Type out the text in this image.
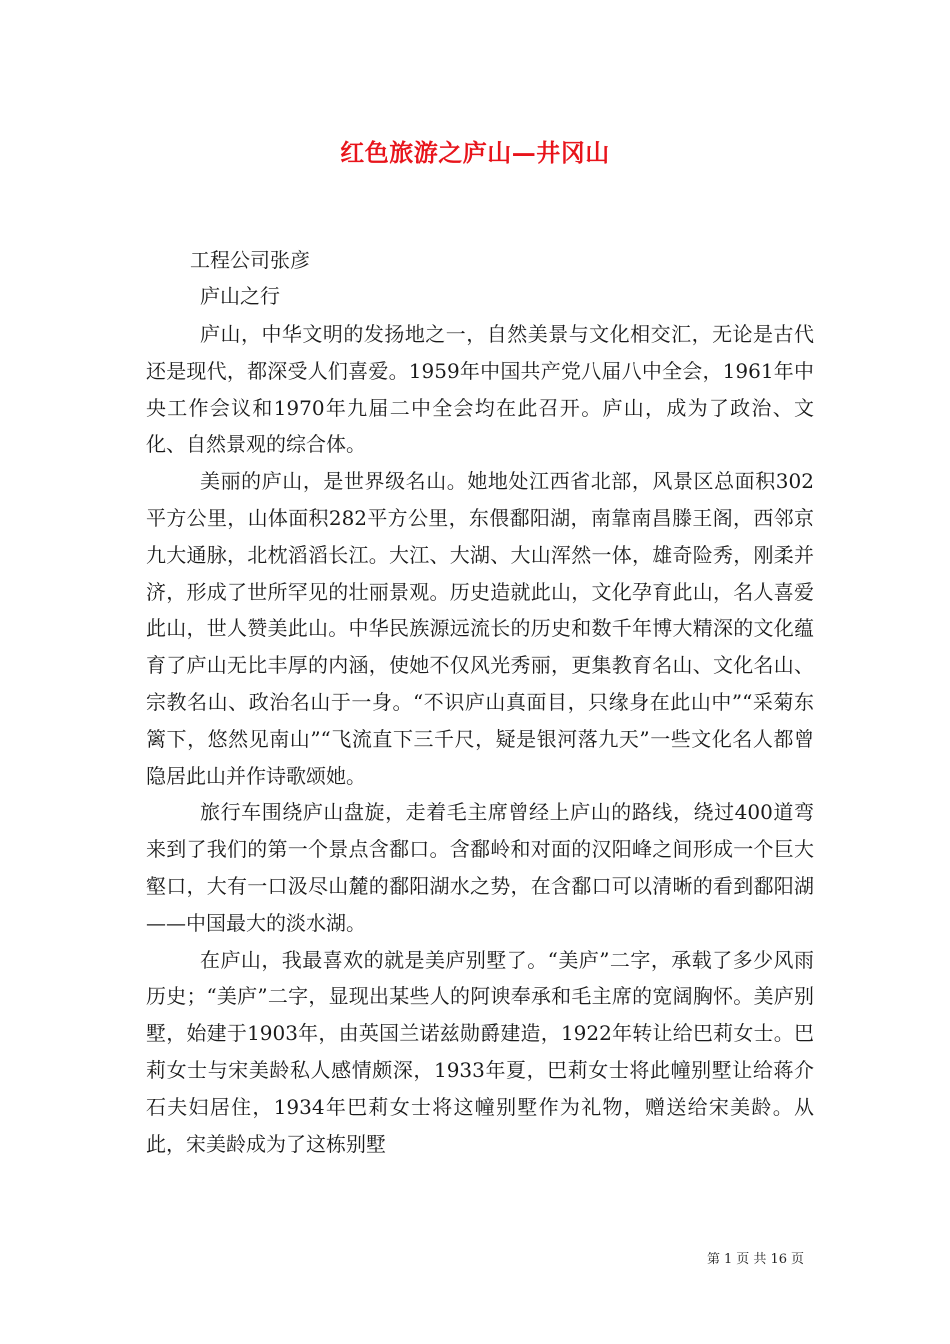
红色旅游之庐山—井冈山
工程公司张彦
庐山之行

庐山，中华文明的发扬地之一，自然美景与文化相交汇，无论是古代还是现代，都深受人们喜爱。1959年中国共产党八届八中全会，1961年中央工作会议和1970年九届二中全会均在此召开。庐山，成为了政治、文化、自然景观的综合体。

美丽的庐山，是世界级名山。她地处江西省北部，风景区总面积302平方公里，山体面积282平方公里，东偎鄱阳湖，南靠南昌滕王阁，西邻京九大通脉，北枕滔滔长江。大江、大湖、大山浑然一体，雄奇险秀，刚柔并济，形成了世所罕见的壮丽景观。历史造就此山，文化孕育此山，名人喜爱此山，世人赞美此山。中华民族源远流长的历史和数千年博大精深的文化蕴育了庐山无比丰厚的内涵，使她不仅风光秀丽，更集教育名山、文化名山、宗教名山、政治名山于一身。“不识庐山真面目，只缘身在此山中”“采菊东篱下，悠然见南山”“飞流直下三千尺，疑是银河落九天”一些文化名人都曾隐居此山并作诗歌颂她。

旅行车围绕庐山盘旋，走着毛主席曾经上庐山的路线，绕过400道弯来到了我们的第一个景点含鄱口。含鄱岭和对面的汉阳峰之间形成一个巨大壑口，大有一口汲尽山麓的鄱阳湖水之势，在含鄱口可以清晰的看到鄱阳湖——中国最大的淡水湖。

在庐山，我最喜欢的就是美庐别墅了。“美庐”二字，承载了多少风雨历史；“美庐”二字，显现出某些人的阿谀奉承和毛主席的宽阔胸怀。美庐别墅，始建于1903年，由英国兰诺兹勋爵建造，1922年转让给巴莉女士。巴莉女士与宋美龄私人感情颇深，1933年夏，巴莉女士将此幢别墅让给蒋介石夫妇居住，1934年巴莉女士将这幢别墅作为礼物，赠送给宋美龄。从此，宋美龄成为了这栋别墅

第 1 页 共 16 页
